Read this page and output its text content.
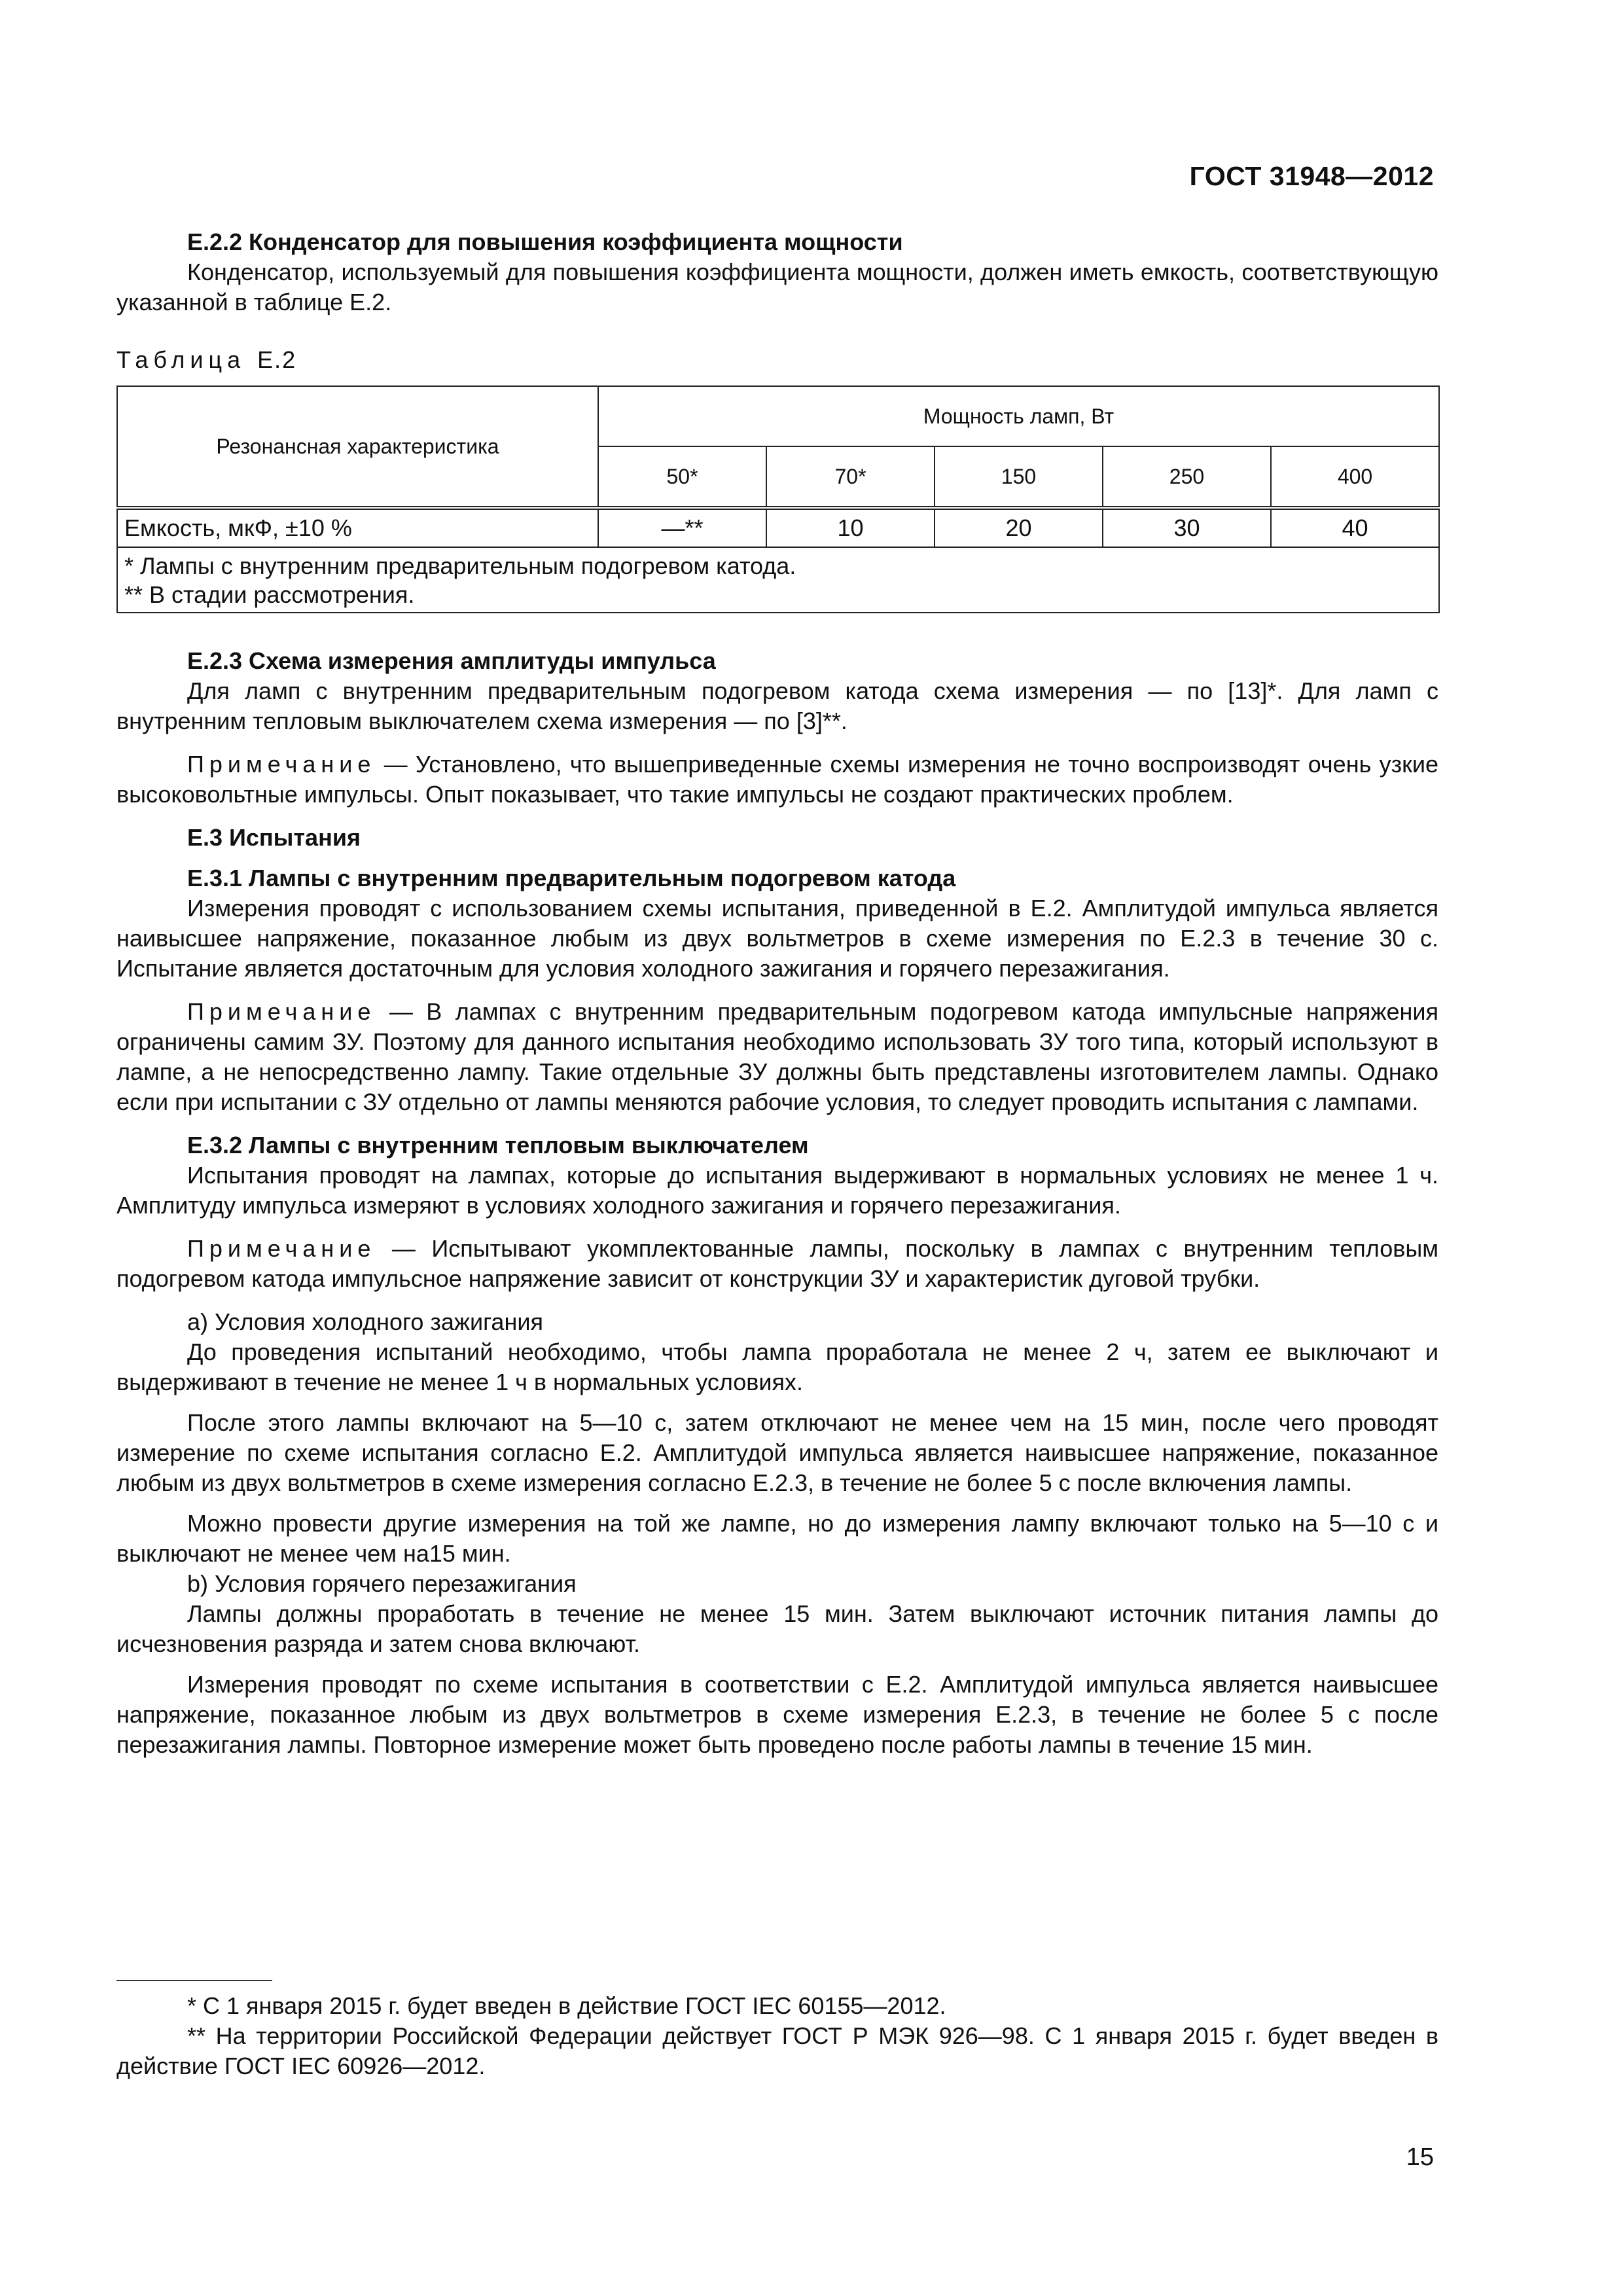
ГОСТ 31948—2012

Е.2.2 Конденсатор для повышения коэффициента мощности

Конденсатор, используемый для повышения коэффициента мощности, должен иметь емкость, соответствующую указанной в таблице Е.2.

Таблица Е.2

Резонансная характеристика	Мощность ламп, Вт				
	50*	70*	150	250	400
Емкость, мкФ, ±10 %	—**	10	20	30	40

* Лампы с внутренним предварительным подогревом катода.
** В стадии рассмотрения.					

Е.2.3 Схема измерения амплитуды импульса

Для ламп с внутренним предварительным подогревом катода схема измерения — по [13]*. Для ламп с внутренним тепловым выключателем схема измерения — по [3]**.

Примечание — Установлено, что вышеприведенные схемы измерения не точно воспроизводят очень узкие высоковольтные импульсы. Опыт показывает, что такие импульсы не создают практических проблем.

Е.3 Испытания

Е.3.1 Лампы с внутренним предварительным подогревом катода

Измерения проводят с использованием схемы испытания, приведенной в Е.2. Амплитудой импульса является наивысшее напряжение, показанное любым из двух вольтметров в схеме измерения по Е.2.3 в течение 30 с. Испытание является достаточным для условия холодного зажигания и горячего перезажигания.

Примечание — В лампах с внутренним предварительным подогревом катода импульсные напряжения ограничены самим ЗУ. Поэтому для данного испытания необходимо использовать ЗУ того типа, который используют в лампе, а не непосредственно лампу. Такие отдельные ЗУ должны быть представлены изготовителем лампы. Однако если при испытании с ЗУ отдельно от лампы меняются рабочие условия, то следует проводить испытания с лампами.

Е.3.2 Лампы с внутренним тепловым выключателем

Испытания проводят на лампах, которые до испытания выдерживают в нормальных условиях не менее 1 ч. Амплитуду импульса измеряют в условиях холодного зажигания и горячего перезажигания.

Примечание — Испытывают укомплектованные лампы, поскольку в лампах с внутренним тепловым подогревом катода импульсное напряжение зависит от конструкции ЗУ и характеристик дуговой трубки.

а) Условия холодного зажигания

До проведения испытаний необходимо, чтобы лампа проработала не менее 2 ч, затем ее выключают и выдерживают в течение не менее 1 ч в нормальных условиях.

После этого лампы включают на 5—10 с, затем отключают не менее чем на 15 мин, после чего проводят измерение по схеме испытания согласно Е.2. Амплитудой импульса является наивысшее напряжение, показанное любым из двух вольтметров в схеме измерения согласно Е.2.3, в течение не более 5 с после включения лампы.

Можно провести другие измерения на той же лампе, но до измерения лампу включают только на 5—10 с и выключают не менее чем на15 мин.

b) Условия горячего перезажигания

Лампы должны проработать в течение не менее 15 мин. Затем выключают источник питания лампы до исчезновения разряда и затем снова включают.

Измерения проводят по схеме испытания в соответствии с Е.2. Амплитудой импульса является наивысшее напряжение, показанное любым из двух вольтметров в схеме измерения Е.2.3, в течение не более 5 с после перезажигания лампы. Повторное измерение может быть проведено после работы лампы в течение 15 мин.

* С 1 января 2015 г. будет введен в действие ГОСТ IEC 60155—2012.

** На территории Российской Федерации действует ГОСТ Р МЭК 926—98. С 1 января 2015 г. будет введен в действие ГОСТ IEC 60926—2012.

15
